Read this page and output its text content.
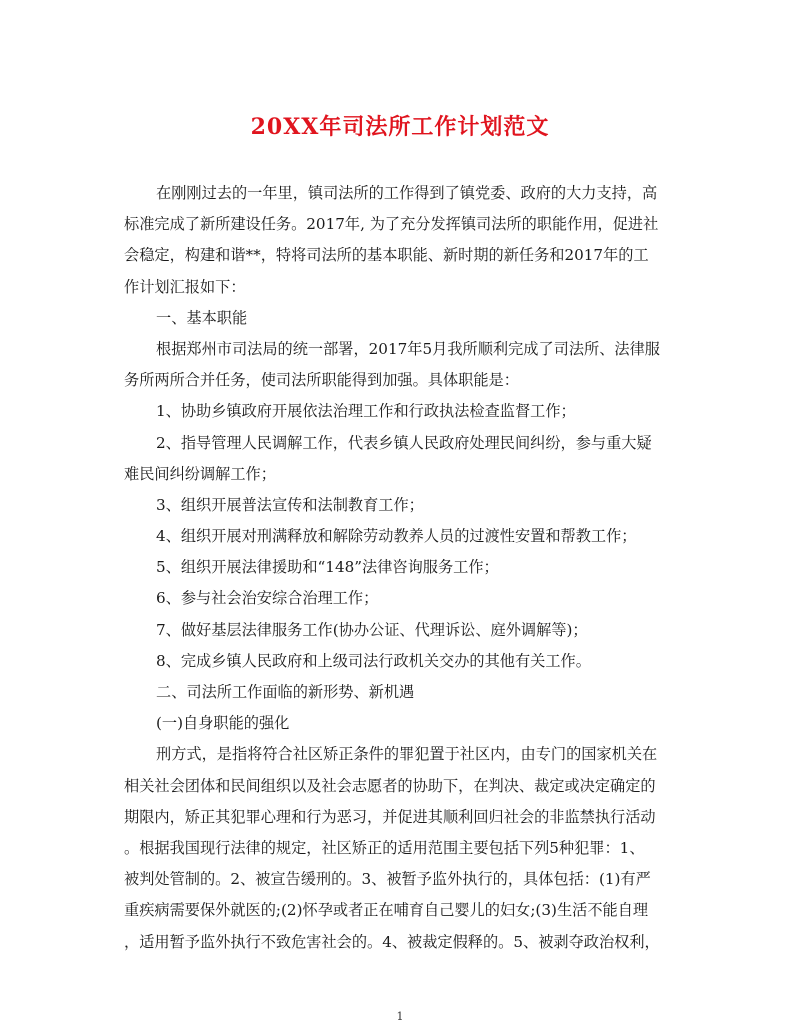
20XX年司法所工作计划范文
在刚刚过去的一年里，镇司法所的工作得到了镇党委、政府的大力支持，高
标准完成了新所建设任务。2017年, 为了充分发挥镇司法所的职能作用，促进社
会稳定，构建和谐**，特将司法所的基本职能、新时期的新任务和2017年的工
作计划汇报如下：
一、基本职能
根据郑州市司法局的统一部署，2017年5月我所顺利完成了司法所、法律服
务所两所合并任务，使司法所职能得到加强。具体职能是：
1、协助乡镇政府开展依法治理工作和行政执法检查监督工作；
2、指导管理人民调解工作，代表乡镇人民政府处理民间纠纷，参与重大疑
难民间纠纷调解工作；
3、组织开展普法宣传和法制教育工作；
4、组织开展对刑满释放和解除劳动教养人员的过渡性安置和帮教工作；
5、组织开展法律援助和“148”法律咨询服务工作；
6、参与社会治安综合治理工作；
7、做好基层法律服务工作(协办公证、代理诉讼、庭外调解等)；
8、完成乡镇人民政府和上级司法行政机关交办的其他有关工作。
二、司法所工作面临的新形势、新机遇
(一)自身职能的强化
刑方式，是指将符合社区矫正条件的罪犯置于社区内，由专门的国家机关在
相关社会团体和民间组织以及社会志愿者的协助下，在判决、裁定或决定确定的
期限内，矫正其犯罪心理和行为恶习，并促进其顺利回归社会的非监禁执行活动
。根据我国现行法律的规定，社区矫正的适用范围主要包括下列5种犯罪：1、
被判处管制的。2、被宣告缓刑的。3、被暂予监外执行的，具体包括：(1)有严
重疾病需要保外就医的;(2)怀孕或者正在哺育自己婴儿的妇女;(3)生活不能自理
，适用暂予监外执行不致危害社会的。4、被裁定假释的。5、被剥夺政治权利，
1
